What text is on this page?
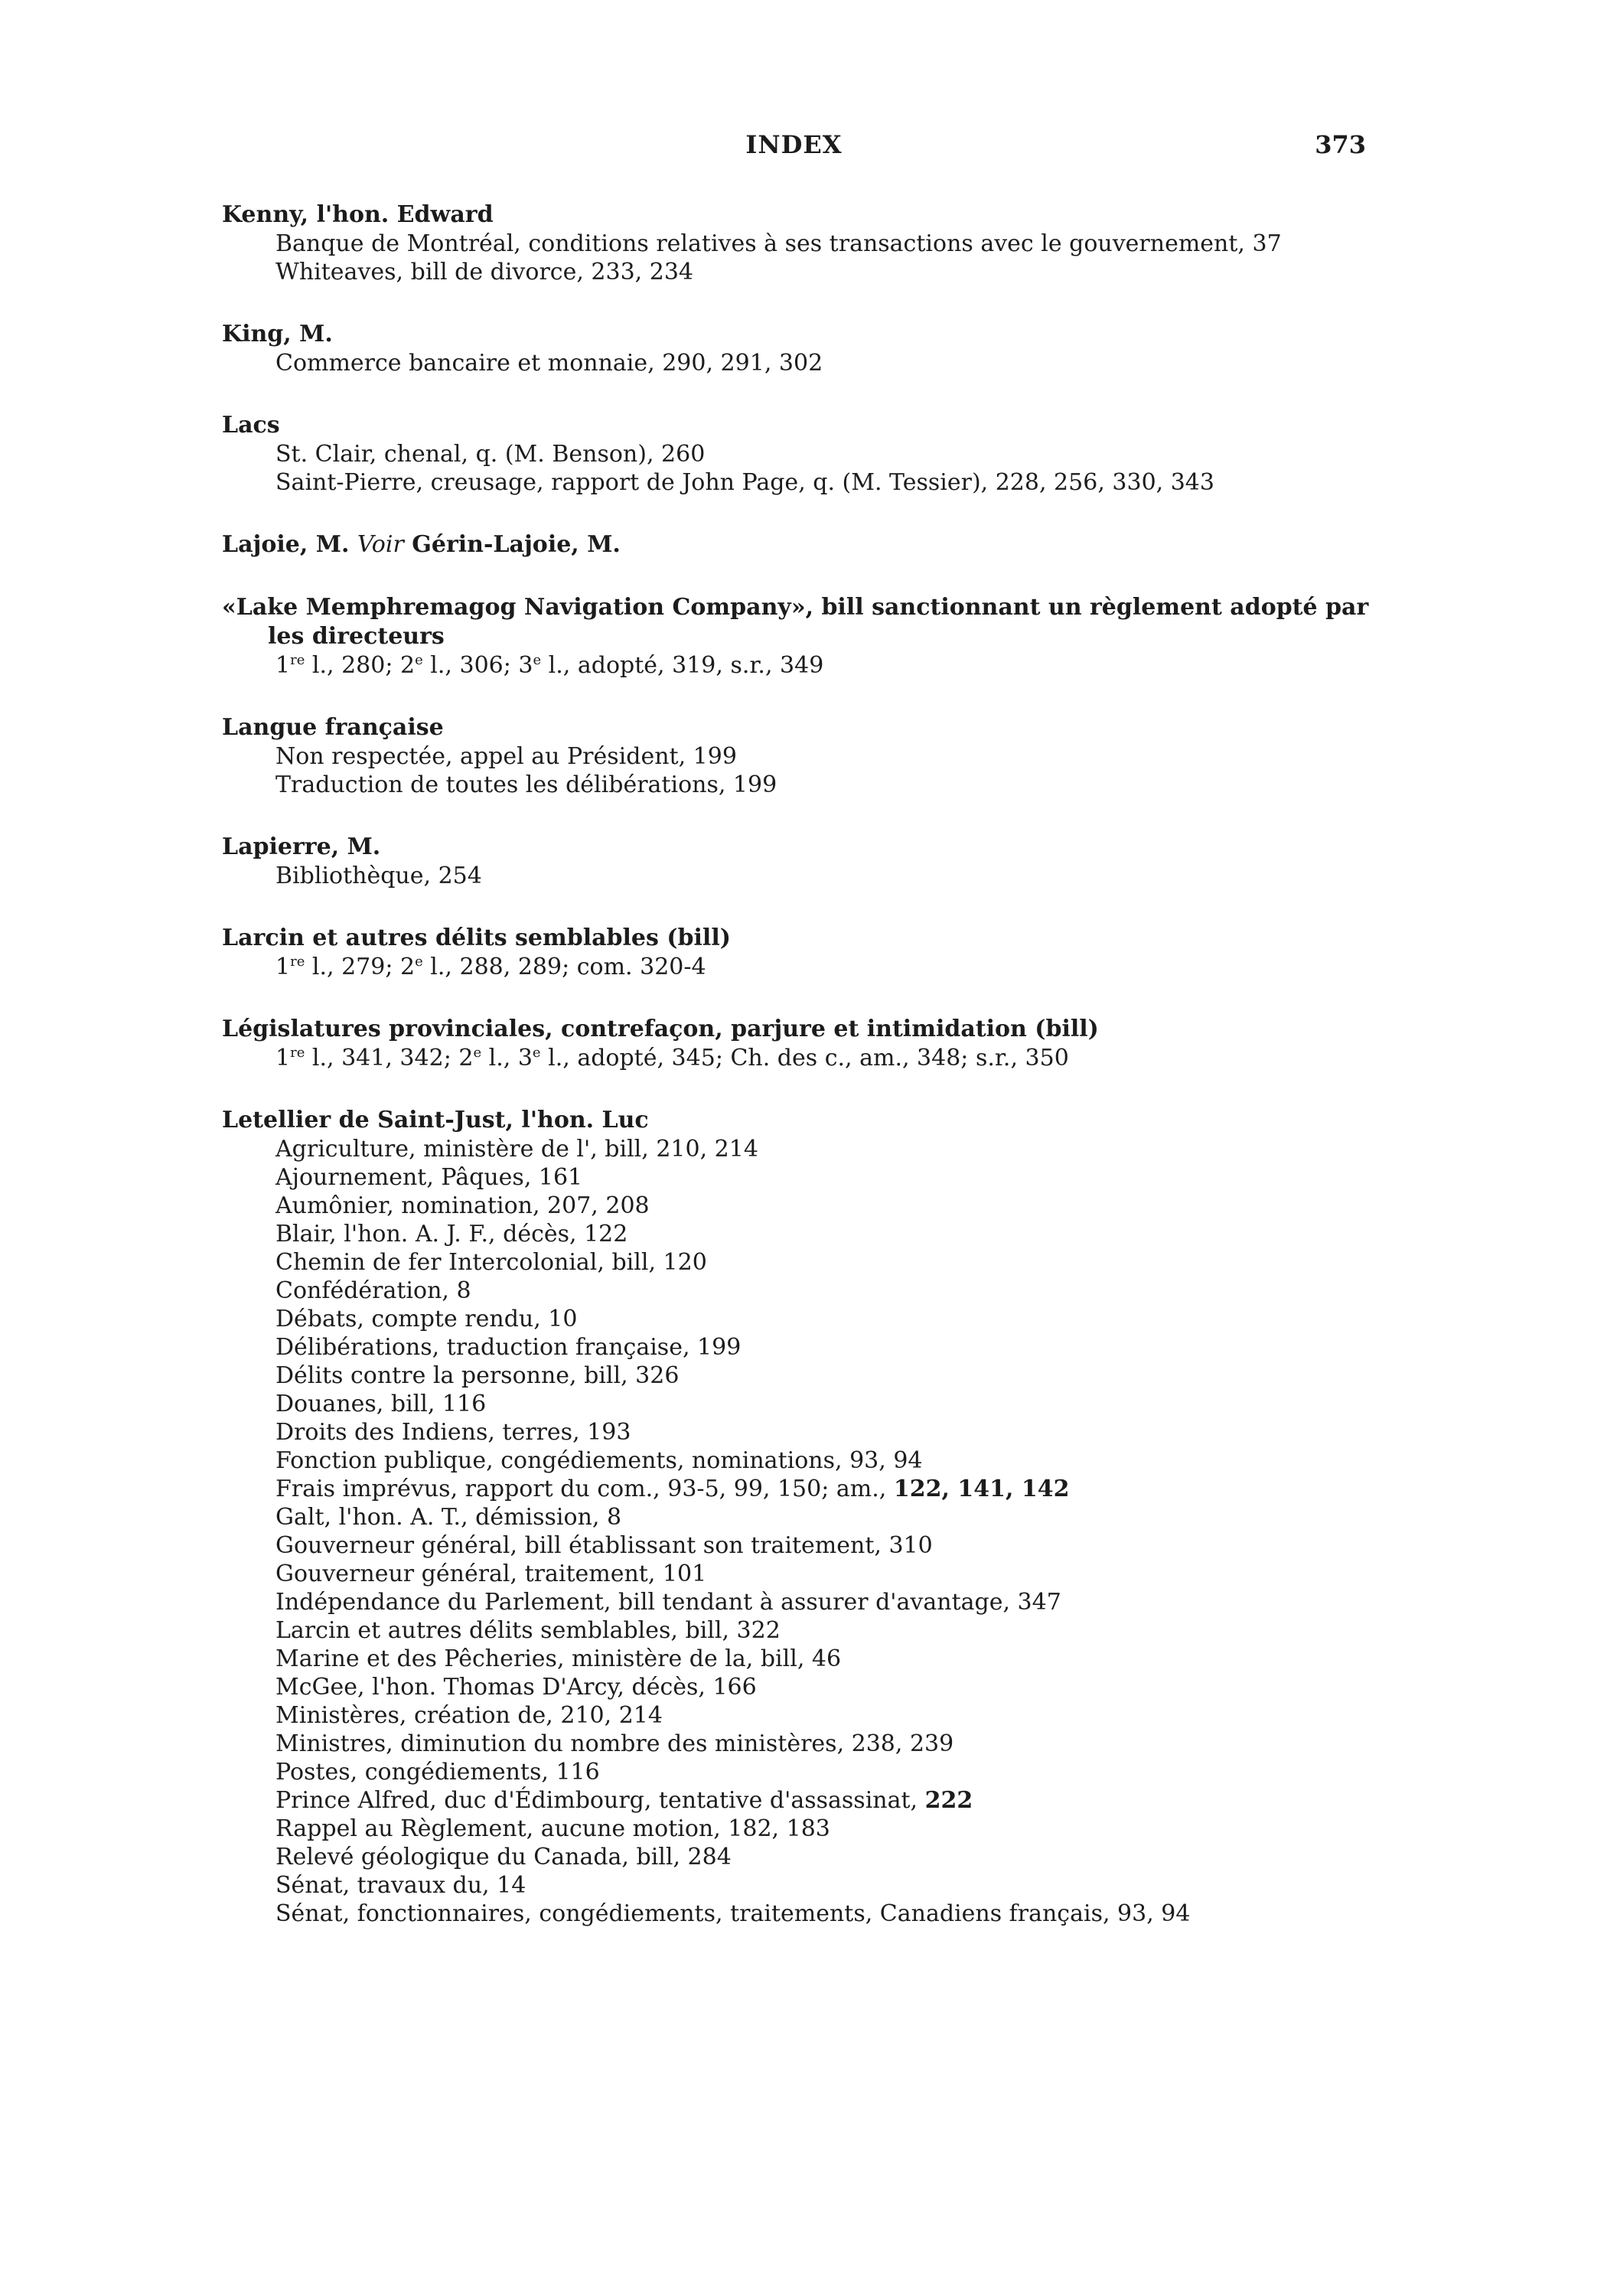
INDEX	373
Kenny, l'hon. Edward
Banque de Montréal, conditions relatives à ses transactions avec le gouvernement, 37
Whiteaves, bill de divorce, 233, 234
King, M.
Commerce bancaire et monnaie, 290, 291, 302
Lacs
St. Clair, chenal, q. (M. Benson), 260
Saint-Pierre, creusage, rapport de John Page, q. (M. Tessier), 228, 256, 330, 343
Lajoie, M. Voir Gérin-Lajoie, M.
«Lake Memphremagog Navigation Company», bill sanctionnant un règlement adopté par les directeurs
1re l., 280; 2e l., 306; 3e l., adopté, 319, s.r., 349
Langue française
Non respectée, appel au Président, 199
Traduction de toutes les délibérations, 199
Lapierre, M.
Bibliothèque, 254
Larcin et autres délits semblables (bill)
1re l., 279; 2e l., 288, 289; com. 320-4
Législatures provinciales, contrefaçon, parjure et intimidation (bill)
1re l., 341, 342; 2e l., 3e l., adopté, 345; Ch. des c., am., 348; s.r., 350
Letellier de Saint-Just, l'hon. Luc
Agriculture, ministère de l', bill, 210, 214
Ajournement, Pâques, 161
Aumônier, nomination, 207, 208
Blair, l'hon. A. J. F., décès, 122
Chemin de fer Intercolonial, bill, 120
Confédération, 8
Débats, compte rendu, 10
Délibérations, traduction française, 199
Délits contre la personne, bill, 326
Douanes, bill, 116
Droits des Indiens, terres, 193
Fonction publique, congédiements, nominations, 93, 94
Frais imprévus, rapport du com., 93-5, 99, 150; am., 122, 141, 142
Galt, l'hon. A. T., démission, 8
Gouverneur général, bill établissant son traitement, 310
Gouverneur général, traitement, 101
Indépendance du Parlement, bill tendant à assurer d'avantage, 347
Larcin et autres délits semblables, bill, 322
Marine et des Pêcheries, ministère de la, bill, 46
McGee, l'hon. Thomas D'Arcy, décès, 166
Ministères, création de, 210, 214
Ministres, diminution du nombre des ministères, 238, 239
Postes, congédiements, 116
Prince Alfred, duc d'Édimbourg, tentative d'assassinat, 222
Rappel au Règlement, aucune motion, 182, 183
Relevé géologique du Canada, bill, 284
Sénat, travaux du, 14
Sénat, fonctionnaires, congédiements, traitements, Canadiens français, 93, 94
